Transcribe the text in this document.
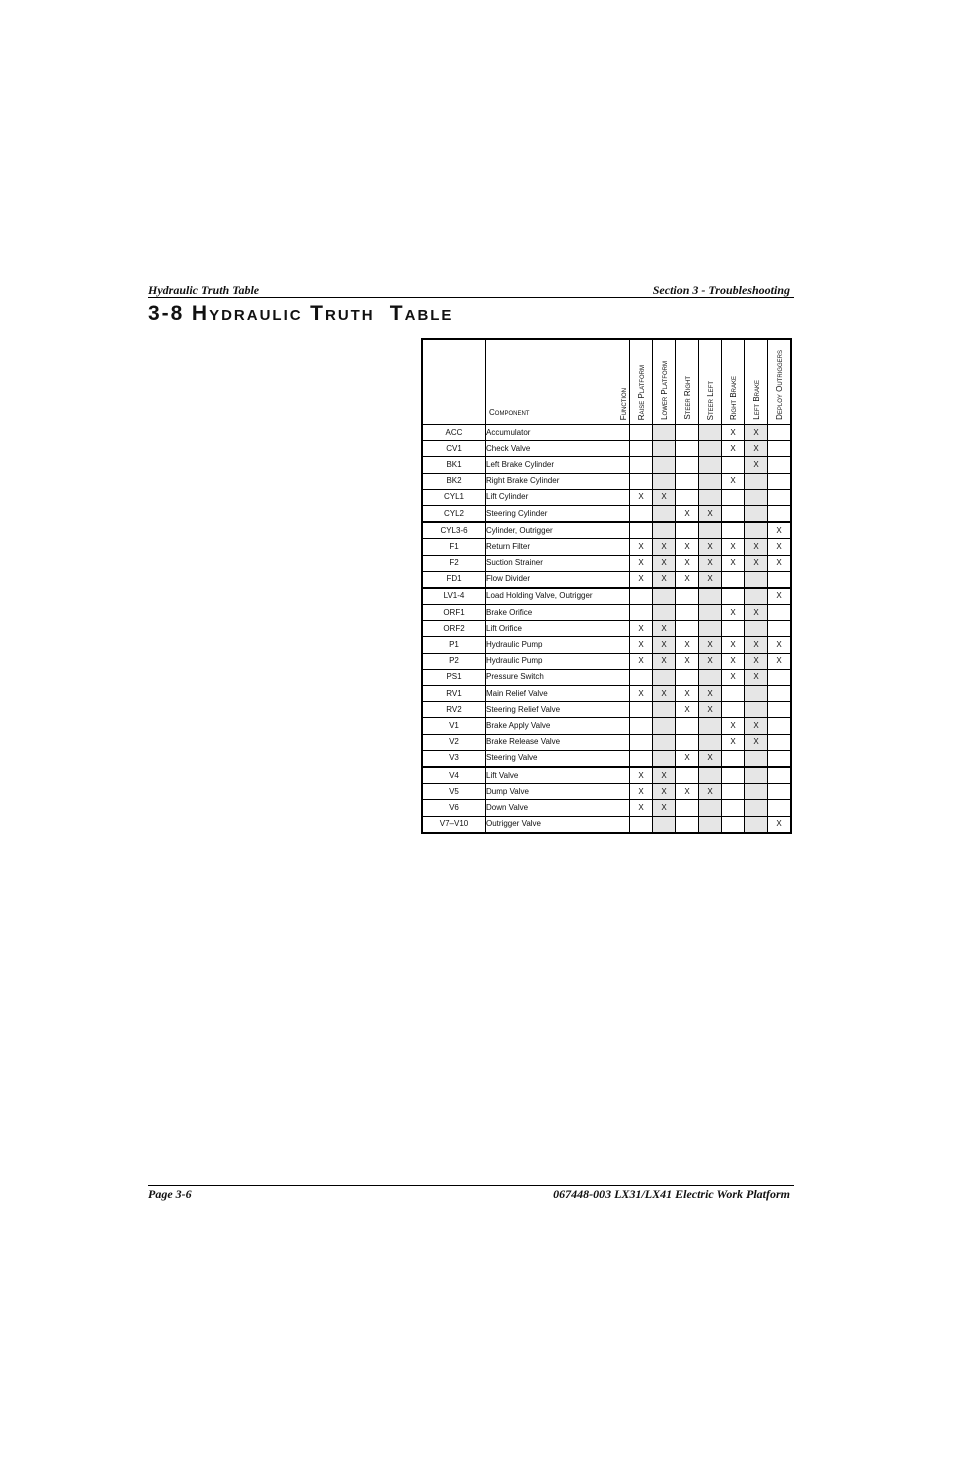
Hydraulic Truth Table	Section 3 - Troubleshooting
3-8 HYDRAULIC TRUTH TABLE

	Component Function	Raise Platform	Lower Platform	Steer Right	Steer Left	Right Brake	Left Brake	Deploy Outriggers

ACC	Accumulator					X	X	
CV1	Check Valve					X	X	
BK1	Left Brake Cylinder						X	
BK2	Right Brake Cylinder					X		
CYL1	Lift Cylinder	X	X					
CYL2	Steering Cylinder			X	X			
CYL3-6	Cylinder, Outrigger							X
F1	Return Filter	X	X	X	X	X	X	X
F2	Suction Strainer	X	X	X	X	X	X	X
FD1	Flow Divider	X	X	X	X			
LV1-4	Load Holding Valve, Outrigger							X
ORF1	Brake Orifice					X	X	
ORF2	Lift Orifice	X	X					
P1	Hydraulic Pump	X	X	X	X	X	X	X
P2	Hydraulic Pump	X	X	X	X	X	X	X
PS1	Pressure Switch					X	X	
RV1	Main Relief Valve	X	X	X	X			
RV2	Steering Relief Valve			X	X			
V1	Brake Apply Valve					X	X	
V2	Brake Release Valve					X	X	
V3	Steering Valve			X	X			
V4	Lift Valve	X	X					
V5	Dump Valve	X	X	X	X			
V6	Down Valve	X	X					
V7–V10	Outrigger Valve							X
Page 3-6	067448-003 LX31/LX41 Electric Work Platform
